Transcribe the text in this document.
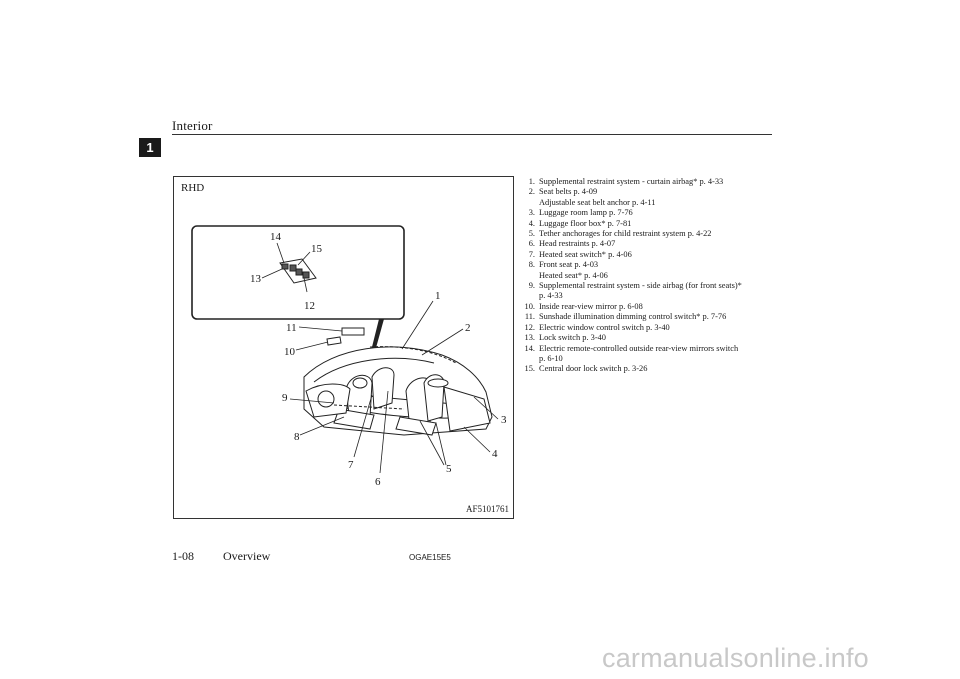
Interior
1
RHD
14
15
13
12
1
2
11
10
9
3
8
4
7	5
6
AF5101761
1. Supplemental restraint system - curtain airbag* p. 4-33
2. Seat belts p. 4-09
Adjustable seat belt anchor p. 4-11
3. Luggage room lamp p. 7-76
4. Luggage floor box* p. 7-81
5. Tether anchorages for child restraint system p. 4-22
6. Head restraints p. 4-07
7. Heated seat switch* p. 4-06
8. Front seat p. 4-03
Heated seat* p. 4-06
9. Supplemental restraint system - side airbag (for front seats)*
p. 4-33
10. Inside rear-view mirror p. 6-08
11. Sunshade illumination dimming control switch* p. 7-76
12. Electric window control switch p. 3-40
13. Lock switch p. 3-40
14. Electric remote-controlled outside rear-view mirrors switch
p. 6-10
15. Central door lock switch p. 3-26
1-08 Overview	OGAE15E5
carmanualsonline.info
